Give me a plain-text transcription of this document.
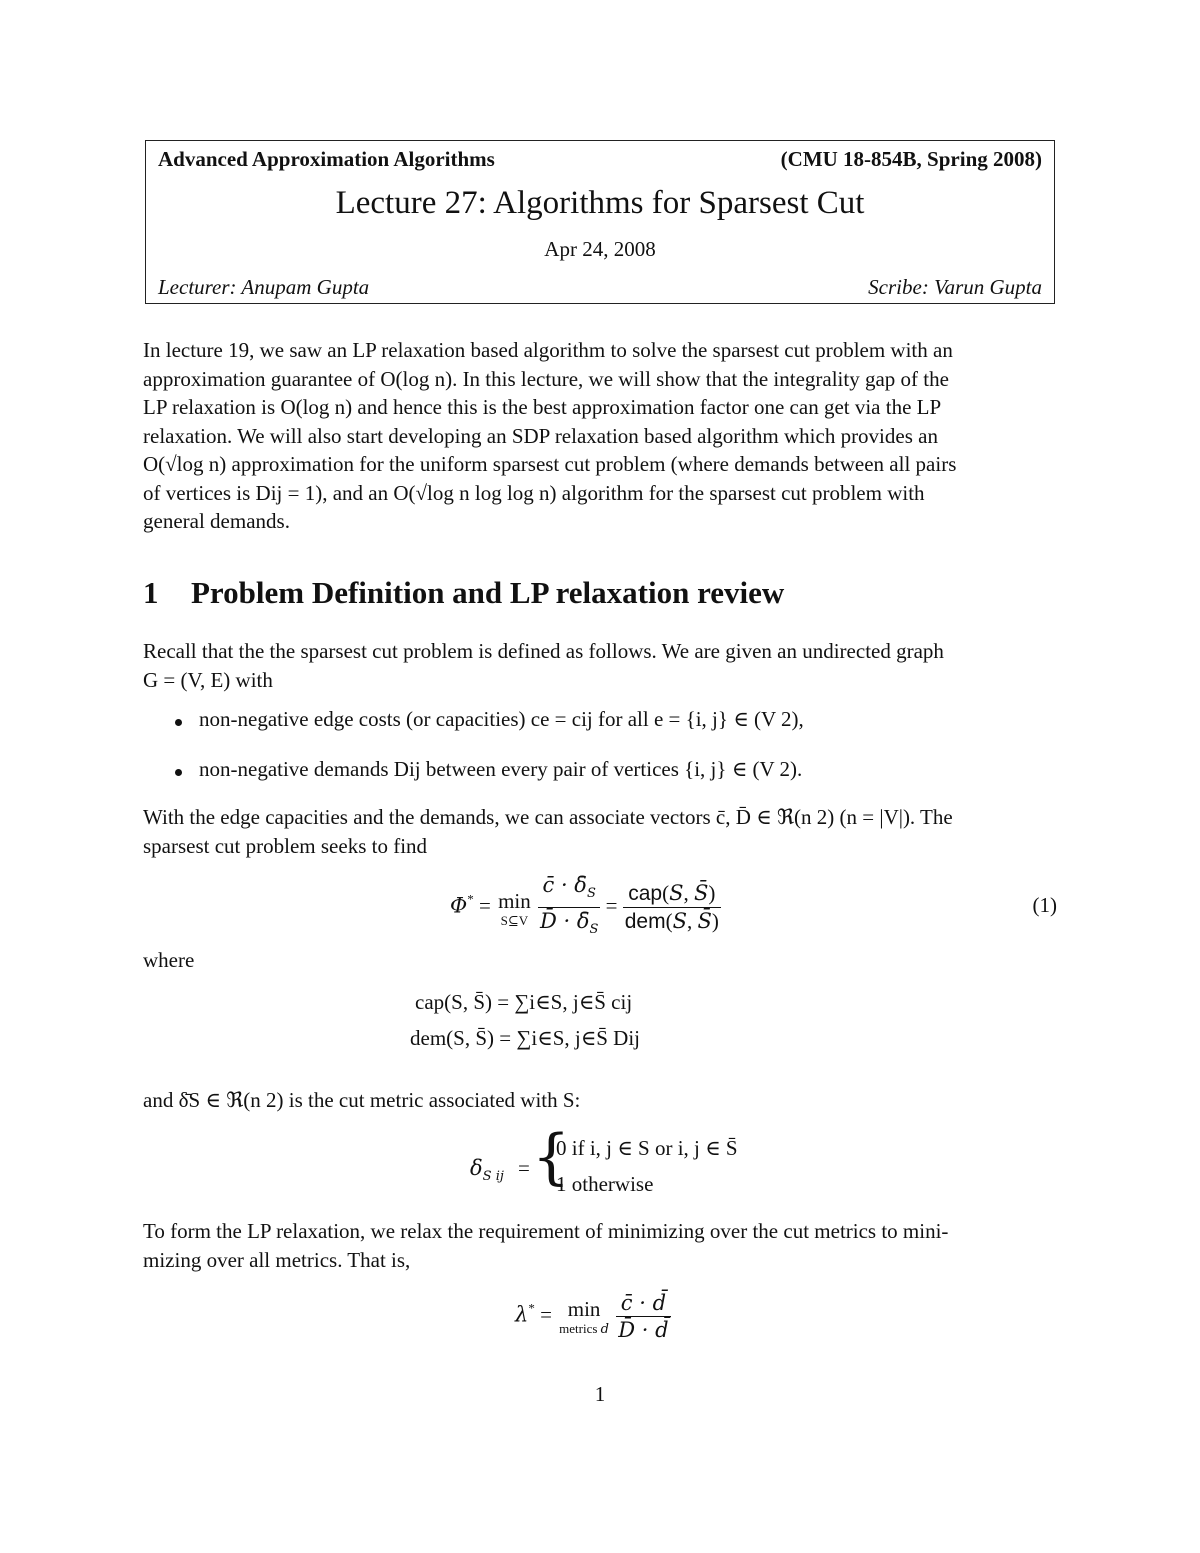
Advanced Approximation Algorithms	(CMU 18-854B, Spring 2008)
Lecture 27: Algorithms for Sparsest Cut
Apr 24, 2008
Lecturer: Anupam Gupta	Scribe: Varun Gupta

In lecture 19, we saw an LP relaxation based algorithm to solve the sparsest cut problem with an

approximation guarantee of O(log n). In this lecture, we will show that the integrality gap of the

LP relaxation is O(log n) and hence this is the best approximation factor one can get via the LP

relaxation. We will also start developing an SDP relaxation based algorithm which provides an

O(√log n) approximation for the uniform sparsest cut problem (where demands between all pairs

of vertices is Dij = 1), and an O(√log n log log n) algorithm for the sparsest cut problem with

general demands.

1 Problem Definition and LP relaxation review

Recall that the the sparsest cut problem is defined as follows. We are given an undirected graph

G = (V, E) with

non-negative edge costs (or capacities) ce = cij for all e = {i, j} ∈ (V 2),
non-negative demands Dij between every pair of vertices {i, j} ∈ (V 2).

With the edge capacities and the demands, we can associate vectors c̄, D̄ ∈ ℜ(n 2) (n = |V|). The

sparsest cut problem seeks to find

Φ* = min
S⊆V
$\frac{c̄ \cdot \deltā_S}{D̄ \cdot \deltā_S} = \frac{\text{cap(S, S̄)}}{\text{dem(S, S̄)}}$	(1)

where

cap(S, S̄) = ∑i∈S, j∈S̄ cij
dem(S, S̄) = ∑i∈S, j∈S̄ Dij

and δ̄S ∈ ℜ(n 2) is the cut metric associated with S:

$\delta_{S ij}$ = {
0 if i, j ∈ S or i, j ∈ S̄
1 otherwise

To form the LP relaxation, we relax the requirement of minimizing over the cut metrics to mini-

mizing over all metrics. That is,

λ* = min
metrics d
$\frac{c̄ \cdot d̄}{D̄ \cdot d̄}$
1
